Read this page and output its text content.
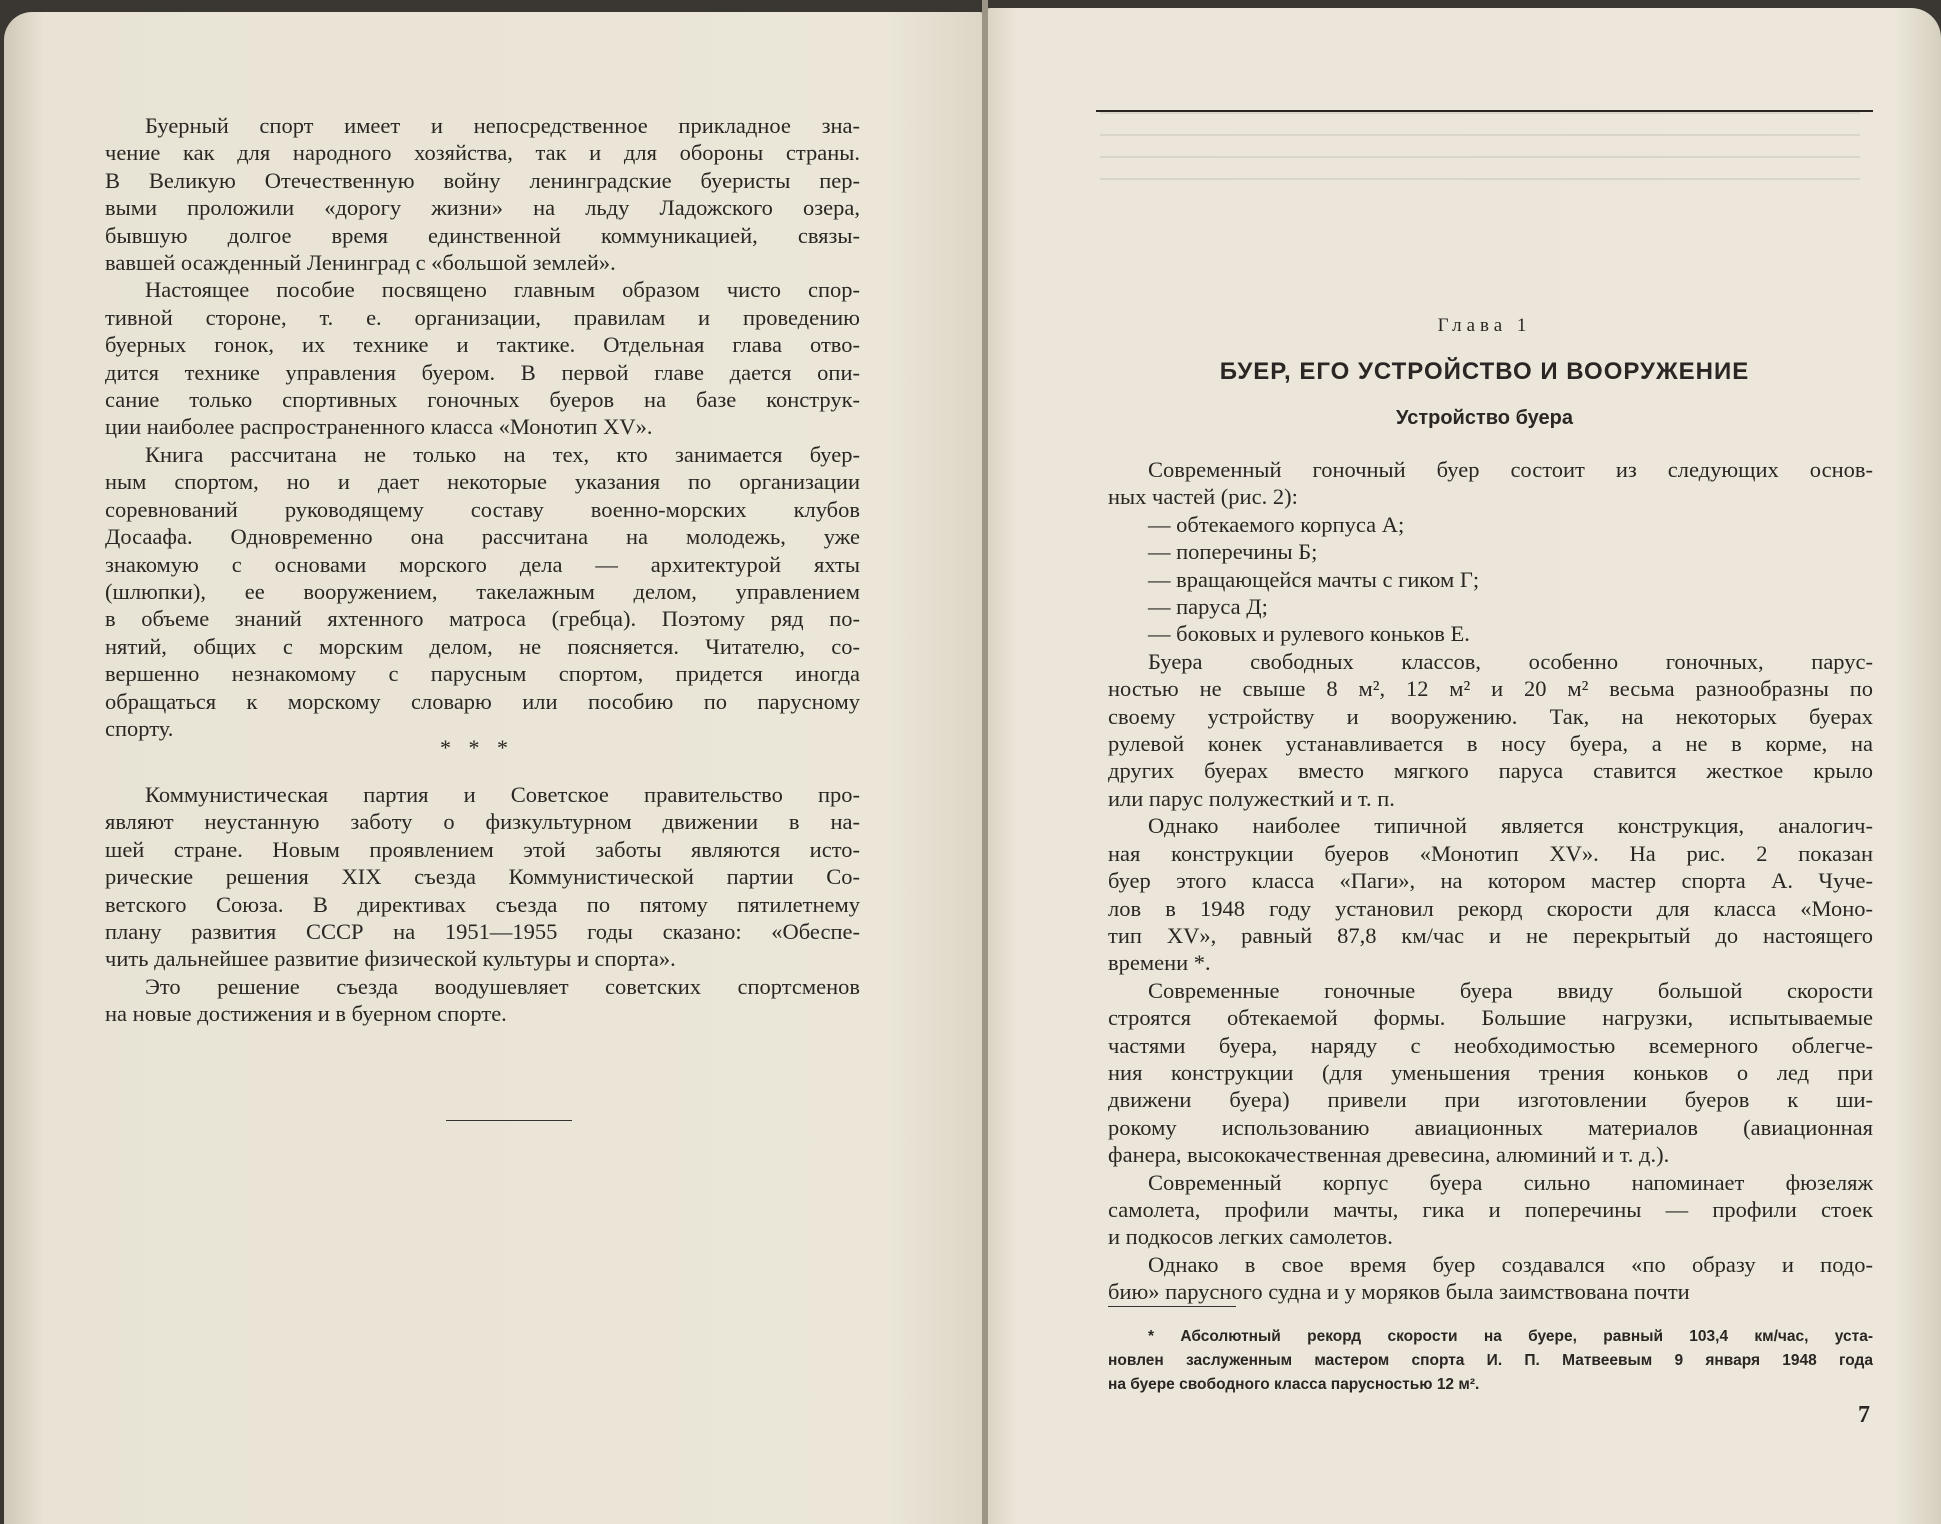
Буерный спорт имеет и непосредственное прикладное зна-
чение как для народного хозяйства, так и для обороны страны.
В Великую Отечественную войну ленинградские буеристы пер-
выми проложили «дорогу жизни» на льду Ладожского озера,
бывшую долгое время единственной коммуникацией, связы-
вавшей осажденный Ленинград с «большой землей».
Настоящее пособие посвящено главным образом чисто спор-
тивной стороне, т. е. организации, правилам и проведению
буерных гонок, их технике и тактике. Отдельная глава отво-
дится технике управления буером. В первой главе дается опи-
сание только спортивных гоночных буеров на базе конструк-
ции наиболее распространенного класса «Монотип XV».
Книга рассчитана не только на тех, кто занимается буер-
ным спортом, но и дает некоторые указания по организации
соревнований руководящему составу военно-морских клубов
Досаафа. Одновременно она рассчитана на молодежь, уже
знакомую с основами морского дела — архитектурой яхты
(шлюпки), ее вооружением, такелажным делом, управлением
в объеме знаний яхтенного матроса (гребца). Поэтому ряд по-
нятий, общих с морским делом, не поясняется. Читателю, со-
вершенно незнакомому с парусным спортом, придется иногда
обращаться к морскому словарю или пособию по парусному
спорту.
* * *
Коммунистическая партия и Советское правительство про-
являют неустанную заботу о физкультурном движении в на-
шей стране. Новым проявлением этой заботы являются исто-
рические решения XIX съезда Коммунистической партии Со-
ветского Союза. В директивах съезда по пятому пятилетнему
плану развития СССР на 1951—1955 годы сказано: «Обеспе-
чить дальнейшее развитие физической культуры и спорта».
Это решение съезда воодушевляет советских спортсменов
на новые достижения и в буерном спорте.
Глава 1
БУЕР, ЕГО УСТРОЙСТВО И ВООРУЖЕНИЕ
Устройство буера
Современный гоночный буер состоит из следующих основ-
ных частей (рис. 2):
— обтекаемого корпуса А;
— поперечины Б;
— вращающейся мачты с гиком Г;
— паруса Д;
— боковых и рулевого коньков Е.
Буера свободных классов, особенно гоночных, парус-
ностью не свыше 8 м², 12 м² и 20 м² весьма разнообразны по
своему устройству и вооружению. Так, на некоторых буерах
рулевой конек устанавливается в носу буера, а не в корме, на
других буерах вместо мягкого паруса ставится жесткое крыло
или парус полужесткий и т. п.
Однако наиболее типичной является конструкция, аналогич-
ная конструкции буеров «Монотип XV». На рис. 2 показан
буер этого класса «Паги», на котором мастер спорта А. Чуче-
лов в 1948 году установил рекорд скорости для класса «Моно-
тип XV», равный 87,8 км/час и не перекрытый до настоящего
времени *.
Современные гоночные буера ввиду большой скорости
строятся обтекаемой формы. Большие нагрузки, испытываемые
частями буера, наряду с необходимостью всемерного облегче-
ния конструкции (для уменьшения трения коньков о лед при
движени буера) привели при изготовлении буеров к ши-
рокому использованию авиационных материалов (авиационная
фанера, высококачественная древесина, алюминий и т. д.).
Современный корпус буера сильно напоминает фюзеляж
самолета, профили мачты, гика и поперечины — профили стоек
и подкосов легких самолетов.
Однако в свое время буер создавался «по образу и подо-
бию» парусного судна и у моряков была заимствована почти
* Абсолютный рекорд скорости на буере, равный 103,4 км/час, уста-
новлен заслуженным мастером спорта И. П. Матвеевым 9 января 1948 года
на буере свободного класса парусностью 12 м².
7
